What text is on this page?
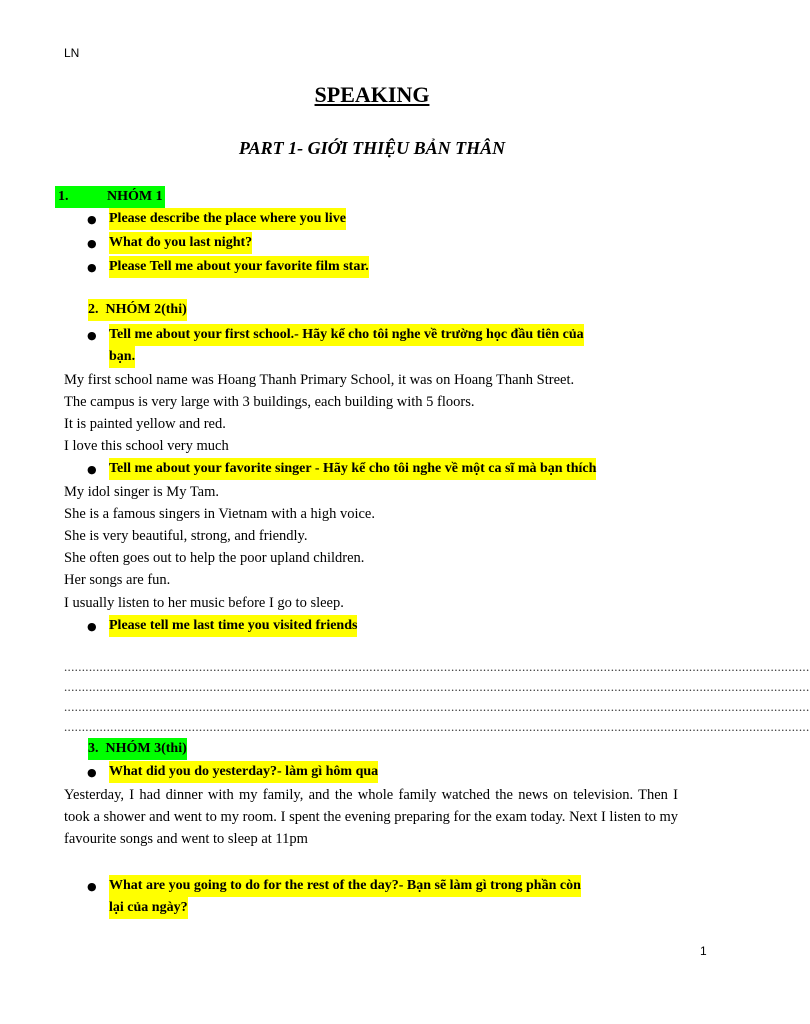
LN
SPEAKING
PART 1- GIỚI THIỆU BẢN THÂN
1.	NHÓM 1
● Please describe the place where you live
● What đo you last night?
● Please Tell me about your favorite film star.
2. NHÓM 2(thi)
● Tell me about your first school.- Hãy kể cho tôi nghe về trường học đầu tiên của
bạn.
My first school name was Hoang Thanh Primary School, it was on Hoang Thanh Street.
The campus is very large with 3 buildings, each building with 5 floors.
It is painted yellow and red.
I love this school very much
● Tell me about your favorite singer - Hãy kể cho tôi nghe về một ca sĩ mà bạn thích
My idol singer is My Tam.
She is a famous singers in Vietnam with a high voice.
She is very beautiful, strong, and friendly.
She often goes out to help the poor upland children.
Her songs are fun.
I usually listen to her music before I go to sleep.
● Please tell me last time you visited friends
..................................................................................................................................................................................................................
..................................................................................................................................................................................................................
..................................................................................................................................................................................................................
..................................................................................................................................................................................................................
3. NHÓM 3(thi)
● What did you do yesterday?- làm gì hôm qua
Yesterday, I had dinner with my family, and the whole family watched the news on television. Then I took a shower and went to my room. I spent the evening preparing for the exam today. Next I listen to my favourite songs and went to sleep at 11pm
● What are you going to do for the rest of the day?- Bạn sẽ làm gì trong phần còn
lại của ngày?
1
